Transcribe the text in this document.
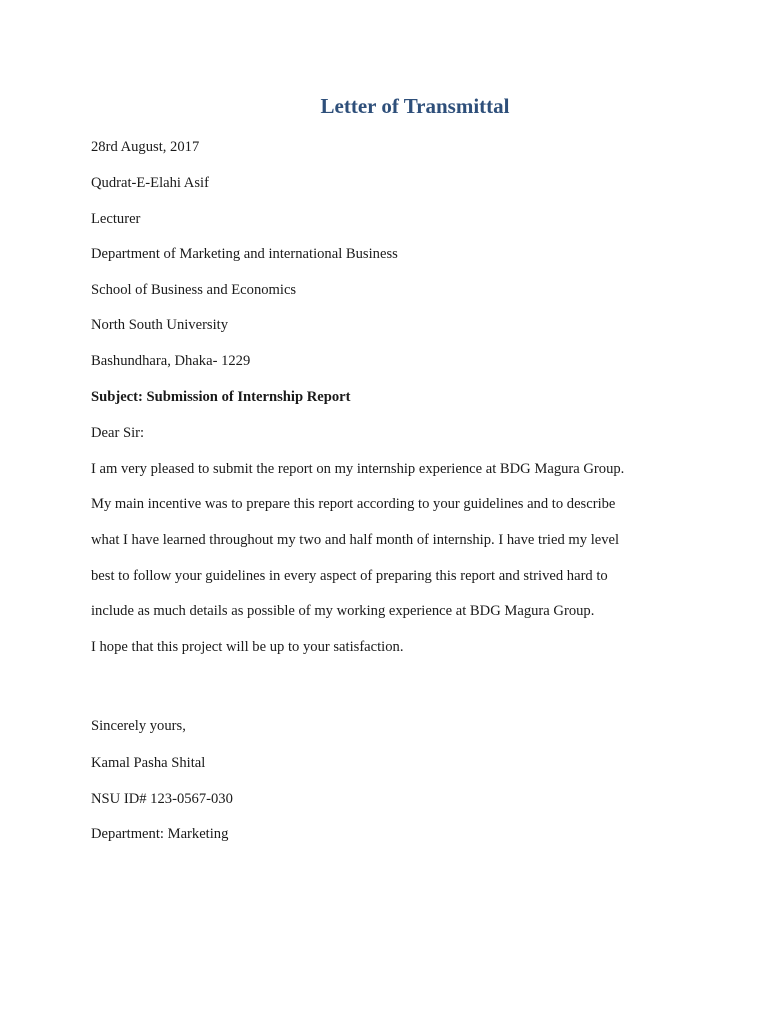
Letter of Transmittal

28rd August, 2017

Qudrat-E-Elahi Asif

Lecturer

Department of Marketing and international Business

School of Business and Economics

North South University

Bashundhara, Dhaka- 1229

Subject: Submission of Internship Report

Dear Sir:

I am very pleased to submit the report on my internship experience at BDG Magura Group.

My main incentive was to prepare this report according to your guidelines and to describe

what I have learned throughout my two and half month of internship. I have tried my level

best to follow your guidelines in every aspect of preparing this report and strived hard to

include as much details as possible of my working experience at BDG Magura Group.

I hope that this project will be up to your satisfaction.

Sincerely yours,

Kamal Pasha Shital

NSU ID# 123-0567-030

Department: Marketing
